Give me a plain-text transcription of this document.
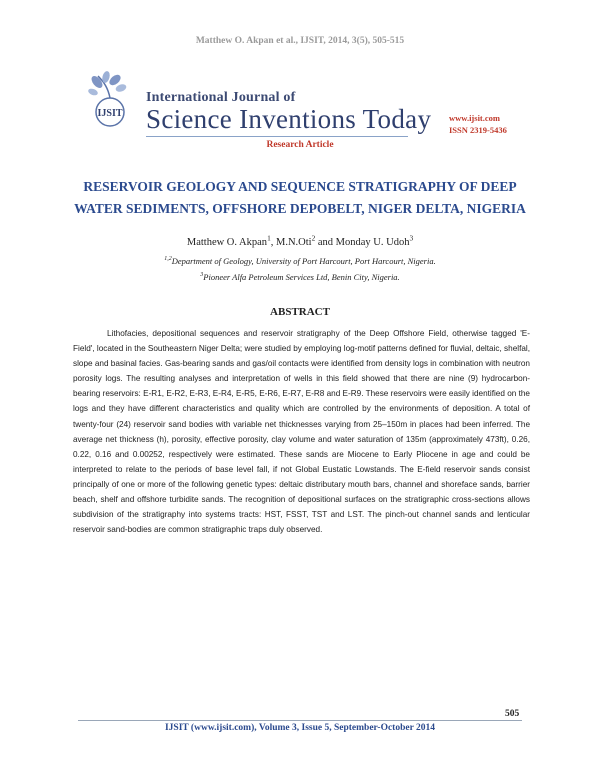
Matthew O. Akpan et al., IJSIT, 2014, 3(5), 505-515
IJSIT
International Journal of
Science Inventions Today www.ijsit.com
ISSN 2319-5436
Research Article
RESERVOIR GEOLOGY AND SEQUENCE STRATIGRAPHY OF DEEP WATER SEDIMENTS, OFFSHORE DEPOBELT, NIGER DELTA, NIGERIA
Matthew O. Akpan$^1$, M.N.Oti$^2$ and Monday U. Udoh$^3$
$^{1,2}$Department of Geology, University of Port Harcourt, Port Harcourt, Nigeria.
$^3$Pioneer Alfa Petroleum Services Ltd, Benin City, Nigeria.
ABSTRACT

Lithofacies, depositional sequences and reservoir stratigraphy of the Deep Offshore Field, otherwise tagged 'E-Field', located in the Southeastern Niger Delta; were studied by employing log-motif patterns defined for fluvial, deltaic, shelfal, slope and basinal facies. Gas-bearing sands and gas/oil contacts were identified from density logs in combination with neutron porosity logs. The resulting analyses and interpretation of wells in this field showed that there are nine (9) hydrocarbon-bearing reservoirs: E-R1, E-R2, E-R3, E-R4, E-R5, E-R6, E-R7, E-R8 and E-R9. These reservoirs were easily identified on the logs and they have different characteristics and quality which are controlled by the environments of deposition. A total of twenty-four (24) reservoir sand bodies with variable net thicknesses varying from 25–150m in places had been inferred. The average net thickness (h), porosity, effective porosity, clay volume and water saturation of 135m (approximately 473ft), 0.26, 0.22, 0.16 and 0.00252, respectively were estimated. These sands are Miocene to Early Pliocene in age and could be interpreted to relate to the periods of base level fall, if not Global Eustatic Lowstands. The E-field reservoir sands consist principally of one or more of the following genetic types: deltaic distributary mouth bars, channel and shoreface sands, barrier beach, shelf and offshore turbidite sands. The recognition of depositional surfaces on the stratigraphic cross-sections allows subdivision of the stratigraphy into systems tracts: HST, FSST, TST and LST. The pinch-out channel sands and lenticular reservoir sand-bodies are common stratigraphic traps duly observed.

505
IJSIT (www.ijsit.com), Volume 3, Issue 5, September-October 2014
